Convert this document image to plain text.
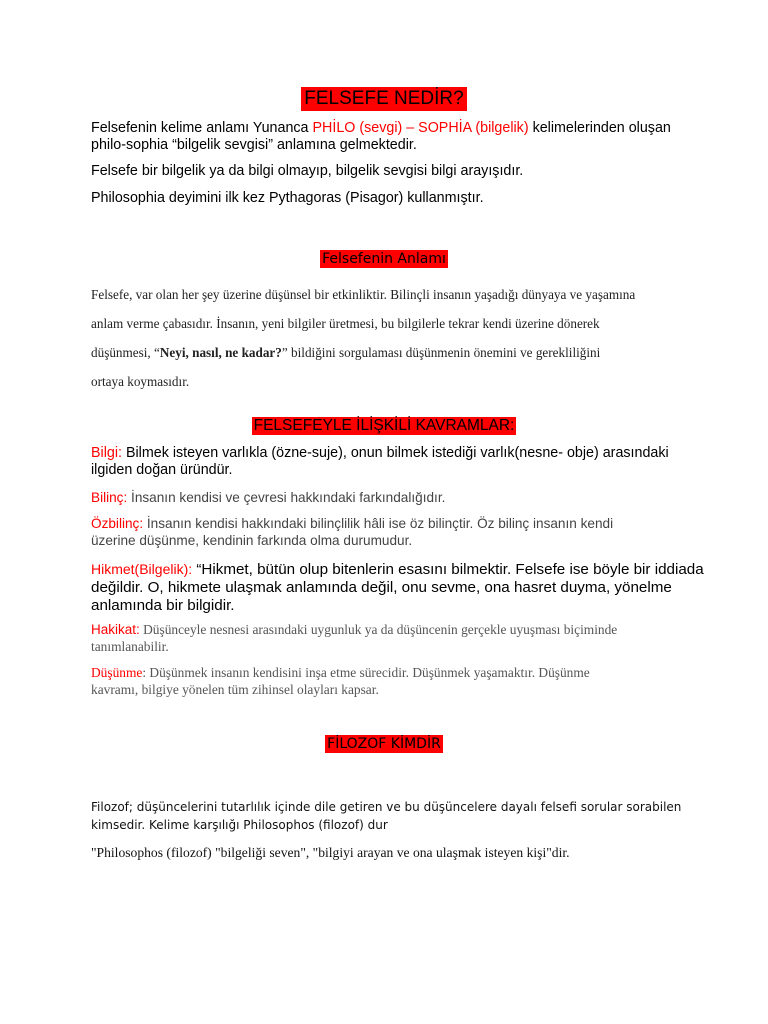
FELSEFE NEDİR?

Felsefenin kelime anlamı Yunanca PHİLO (sevgi) – SOPHİA (bilgelik) kelimelerinden oluşan
philo-sophia “bilgelik sevgisi” anlamına gelmektedir.

Felsefe bir bilgelik ya da bilgi olmayıp, bilgelik sevgisi bilgi arayışıdır.

Philosophia deyimini ilk kez Pythagoras (Pisagor) kullanmıştır.

Felsefenin Anlamı

Felsefe, var olan her şey üzerine düşünsel bir etkinliktir. Bilinçli insanın yaşadığı dünyaya ve yaşamına
anlam verme çabasıdır. İnsanın, yeni bilgiler üretmesi, bu bilgilerle tekrar kendi üzerine dönerek
düşünmesi, “Neyi, nasıl, ne kadar?” bildiğini sorgulaması düşünmenin önemini ve gerekliliğini
ortaya koymasıdır.

FELSEFEYLE İLİŞKİLİ KAVRAMLAR:

Bilgi: Bilmek isteyen varlıkla (özne-suje), onun bilmek istediği varlık(nesne- obje) arasındaki
ilgiden doğan üründür.

Bilinç: İnsanın kendisi ve çevresi hakkındaki farkındalığıdır.

Özbilinç: İnsanın kendisi hakkındaki bilinçlilik hâli ise öz bilinçtir. Öz bilinç insanın kendi
üzerine düşünme, kendinin farkında olma durumudur.

Hikmet(Bilgelik): “Hikmet, bütün olup bitenlerin esasını bilmektir. Felsefe ise böyle bir iddiada
değildir. O, hikmete ulaşmak anlamında değil, onu sevme, ona hasret duyma, yönelme
anlamında bir bilgidir.

Hakikat: Düşünceyle nesnesi arasındaki uygunluk ya da düşüncenin gerçekle uyuşması biçiminde
tanımlanabilir.

Düşünme: Düşünmek insanın kendisini inşa etme sürecidir. Düşünmek yaşamaktır. Düşünme
kavramı, bilgiye yönelen tüm zihinsel olayları kapsar.

FİLOZOF KİMDİR

Filozof; düşüncelerini tutarlılık içinde dile getiren ve bu düşüncelere dayalı felsefi sorular sorabilen
kimsedir. Kelime karşılığı Philosophos (filozof) dur

"Philosophos (filozof) "bilgeliği seven", "bilgiyi arayan ve ona ulaşmak isteyen kişi"dir.
